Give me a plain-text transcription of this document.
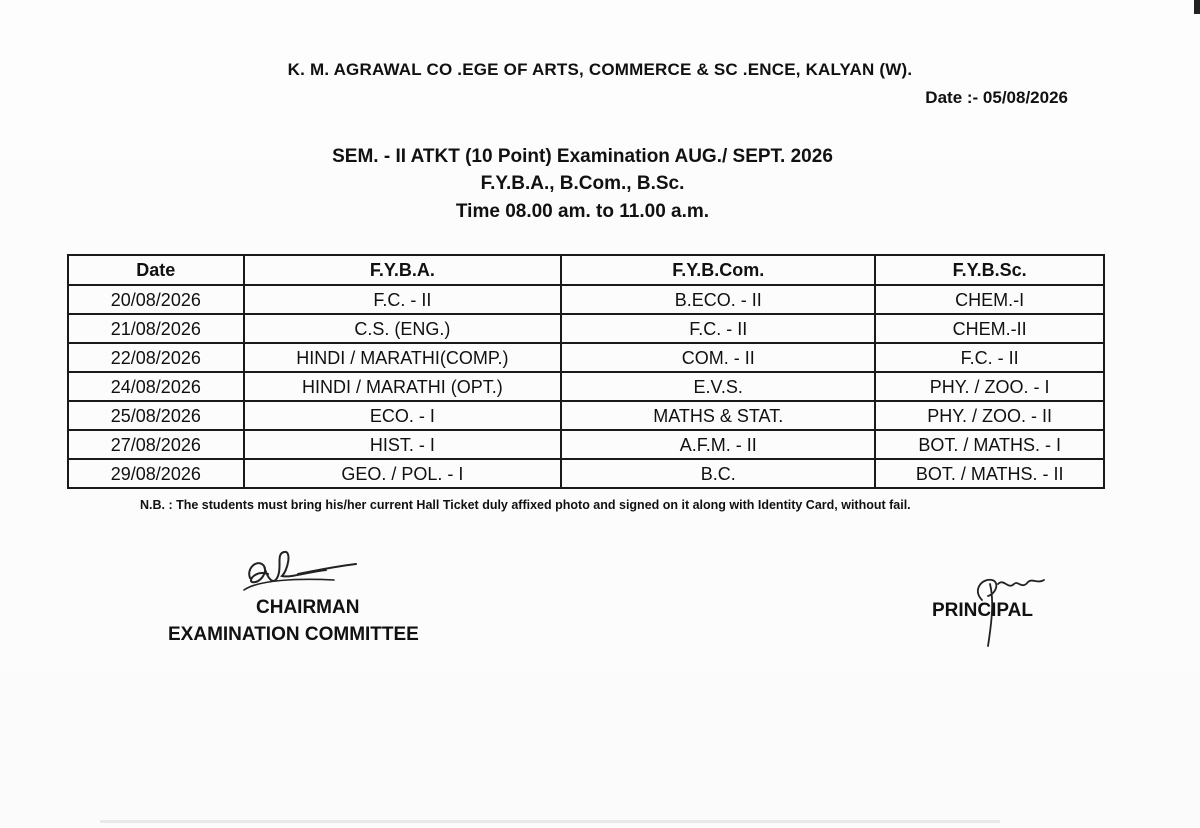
K. M. AGRAWAL CO .EGE OF ARTS, COMMERCE & SC .ENCE, KALYAN (W).
Date :- 05/08/2026
SEM. - II ATKT (10 Point) Examination AUG./ SEPT. 2026
F.Y.B.A., B.Com., B.Sc.
Time 08.00 am. to 11.00 a.m.
Date	F.Y.B.A.	F.Y.B.Com.	F.Y.B.Sc.
20/08/2026	F.C. - II	B.ECO. - II	CHEM.-I
21/08/2026	C.S. (ENG.)	F.C. - II	CHEM.-II
22/08/2026	HINDI / MARATHI(COMP.)	COM. - II	F.C. - II
24/08/2026	HINDI / MARATHI (OPT.)	E.V.S.	PHY. / ZOO. - I
25/08/2026	ECO. - I	MATHS & STAT.	PHY. / ZOO. - II
27/08/2026	HIST. - I	A.F.M. - II	BOT. / MATHS. - I
29/08/2026	GEO. / POL. - I	B.C.	BOT. / MATHS. - II
N.B. : The students must bring his/her current Hall Ticket duly affixed photo and signed on it along with Identity Card, without fail.
CHAIRMAN
EXAMINATION COMMITTEE
PRINCIPAL
